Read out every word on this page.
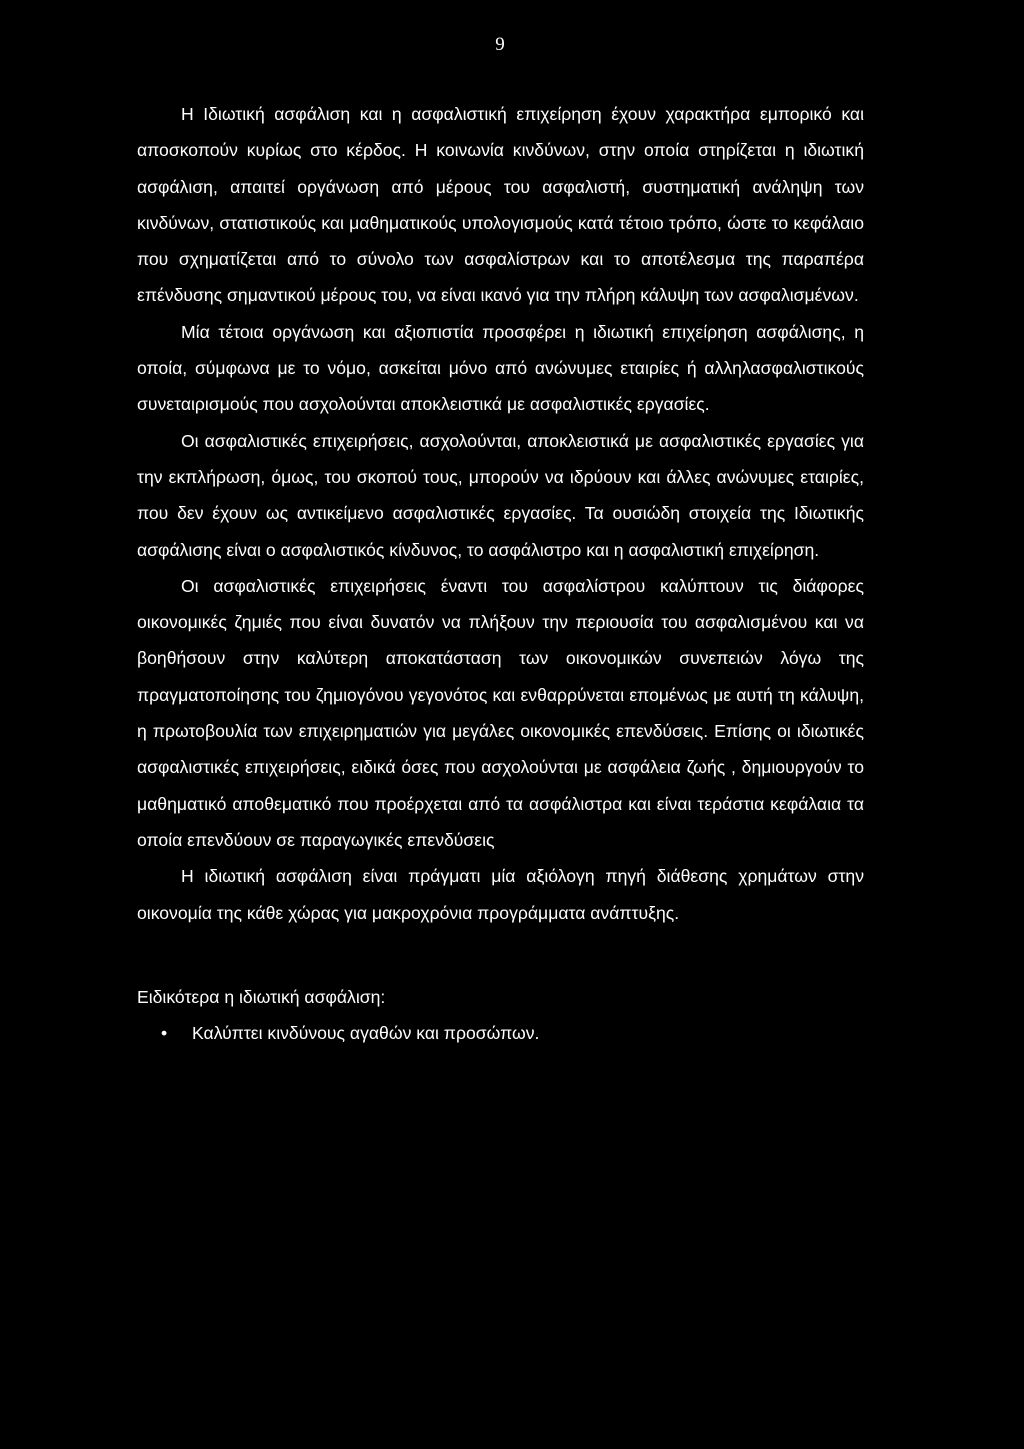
9

Η Ιδιωτική ασφάλιση και η ασφαλιστική επιχείρηση έχουν χαρακτήρα εμπορικό και αποσκοπούν κυρίως στο κέρδος. Η κοινωνία κινδύνων, στην οποία στηρίζεται η ιδιωτική ασφάλιση, απαιτεί οργάνωση από μέρους του ασφαλιστή, συστηματική ανάληψη των κινδύνων, στατιστικούς και μαθηματικούς υπολογισμούς κατά τέτοιο τρόπο, ώστε το κεφάλαιο που σχηματίζεται από το σύνολο των ασφαλίστρων και το αποτέλεσμα της παραπέρα επένδυσης σημαντικού μέρους του, να είναι ικανό για την πλήρη κάλυψη των ασφαλισμένων.

Μία τέτοια οργάνωση και αξιοπιστία προσφέρει η ιδιωτική επιχείρηση ασφάλισης, η οποία, σύμφωνα με το νόμο, ασκείται μόνο από ανώνυμες εταιρίες ή αλληλασφαλιστικούς συνεταιρισμούς που ασχολούνται αποκλειστικά με ασφαλιστικές εργασίες.

Οι ασφαλιστικές επιχειρήσεις, ασχολούνται, αποκλειστικά με ασφαλιστικές εργασίες για την εκπλήρωση, όμως, του σκοπού τους, μπορούν να ιδρύουν και άλλες ανώνυμες εταιρίες, που δεν έχουν ως αντικείμενο ασφαλιστικές εργασίες. Τα ουσιώδη στοιχεία της Ιδιωτικής ασφάλισης είναι ο ασφαλιστικός κίνδυνος, το ασφάλιστρο και η ασφαλιστική επιχείρηση.

Οι ασφαλιστικές επιχειρήσεις έναντι του ασφαλίστρου καλύπτουν τις διάφορες οικονομικές ζημιές που είναι δυνατόν να πλήξουν την περιουσία του ασφαλισμένου και να βοηθήσουν στην καλύτερη αποκατάσταση των οικονομικών συνεπειών λόγω της πραγματοποίησης του ζημιογόνου γεγονότος και ενθαρρύνεται επομένως με αυτή τη κάλυψη, η πρωτοβουλία των επιχειρηματιών για μεγάλες οικονομικές επενδύσεις. Επίσης οι ιδιωτικές ασφαλιστικές επιχειρήσεις, ειδικά όσες που ασχολούνται με ασφάλεια ζωής , δημιουργούν το μαθηματικό αποθεματικό που προέρχεται από τα ασφάλιστρα και είναι τεράστια κεφάλαια τα οποία επενδύουν σε παραγωγικές επενδύσεις

Η ιδιωτική ασφάλιση είναι πράγματι μία αξιόλογη πηγή διάθεσης χρημάτων στην οικονομία της κάθε χώρας για μακροχρόνια προγράμματα ανάπτυξης.

Ειδικότερα η ιδιωτική ασφάλιση:

• Καλύπτει κινδύνους αγαθών και προσώπων.
